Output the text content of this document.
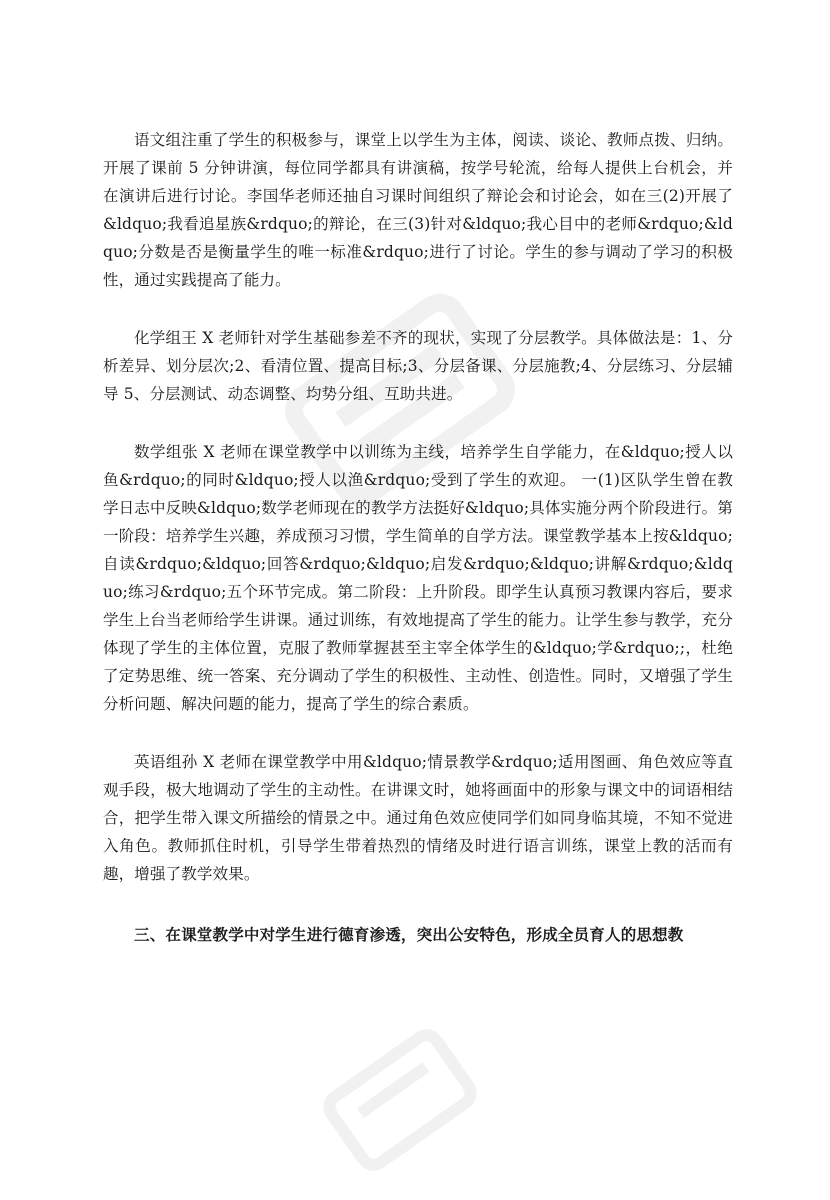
语文组注重了学生的积极参与，课堂上以学生为主体，阅读、谈论、教师点拨、归纳。开展了课前 5 分钟讲演，每位同学都具有讲演稿，按学号轮流，给每人提供上台机会，并在演讲后进行讨论。李国华老师还抽自习课时间组织了辩论会和讨论会，如在三(2)开展了&ldquo;我看追星族&rdquo;的辩论，在三(3)针对&ldquo;我心目中的老师&rdquo;&ldquo;分数是否是衡量学生的唯一标准&rdquo;进行了讨论。学生的参与调动了学习的积极性，通过实践提高了能力。

化学组王 X 老师针对学生基础参差不齐的现状，实现了分层教学。具体做法是：1、分析差异、划分层次;2、看清位置、提高目标;3、分层备课、分层施教;4、分层练习、分层辅导 5、分层测试、动态调整、均势分组、互助共进。

数学组张 X 老师在课堂教学中以训练为主线，培养学生自学能力，在&ldquo;授人以鱼&rdquo;的同时&ldquo;授人以渔&rdquo;受到了学生的欢迎。 一(1)区队学生曾在教学日志中反映&ldquo;数学老师现在的教学方法挺好&ldquo;具体实施分两个阶段进行。第一阶段：培养学生兴趣，养成预习习惯，学生简单的自学方法。课堂教学基本上按&ldquo;自读&rdquo;&ldquo;回答&rdquo;&ldquo;启发&rdquo;&ldquo;讲解&rdquo;&ldquo;练习&rdquo;五个环节完成。第二阶段：上升阶段。即学生认真预习教课内容后，要求学生上台当老师给学生讲课。通过训练，有效地提高了学生的能力。让学生参与教学，充分体现了学生的主体位置，克服了教师掌握甚至主宰全体学生的&ldquo;学&rdquo;;，杜绝了定势思维、统一答案、充分调动了学生的积极性、主动性、创造性。同时，又增强了学生分析问题、解决问题的能力，提高了学生的综合素质。

英语组孙 X 老师在课堂教学中用&ldquo;情景教学&rdquo;适用图画、角色效应等直观手段，极大地调动了学生的主动性。在讲课文时，她将画面中的形象与课文中的词语相结合，把学生带入课文所描绘的情景之中。通过角色效应使同学们如同身临其境，不知不觉进入角色。教师抓住时机，引导学生带着热烈的情绪及时进行语言训练，课堂上教的活而有趣，增强了教学效果。

三、在课堂教学中对学生进行德育渗透，突出公安特色，形成全员育人的思想教
